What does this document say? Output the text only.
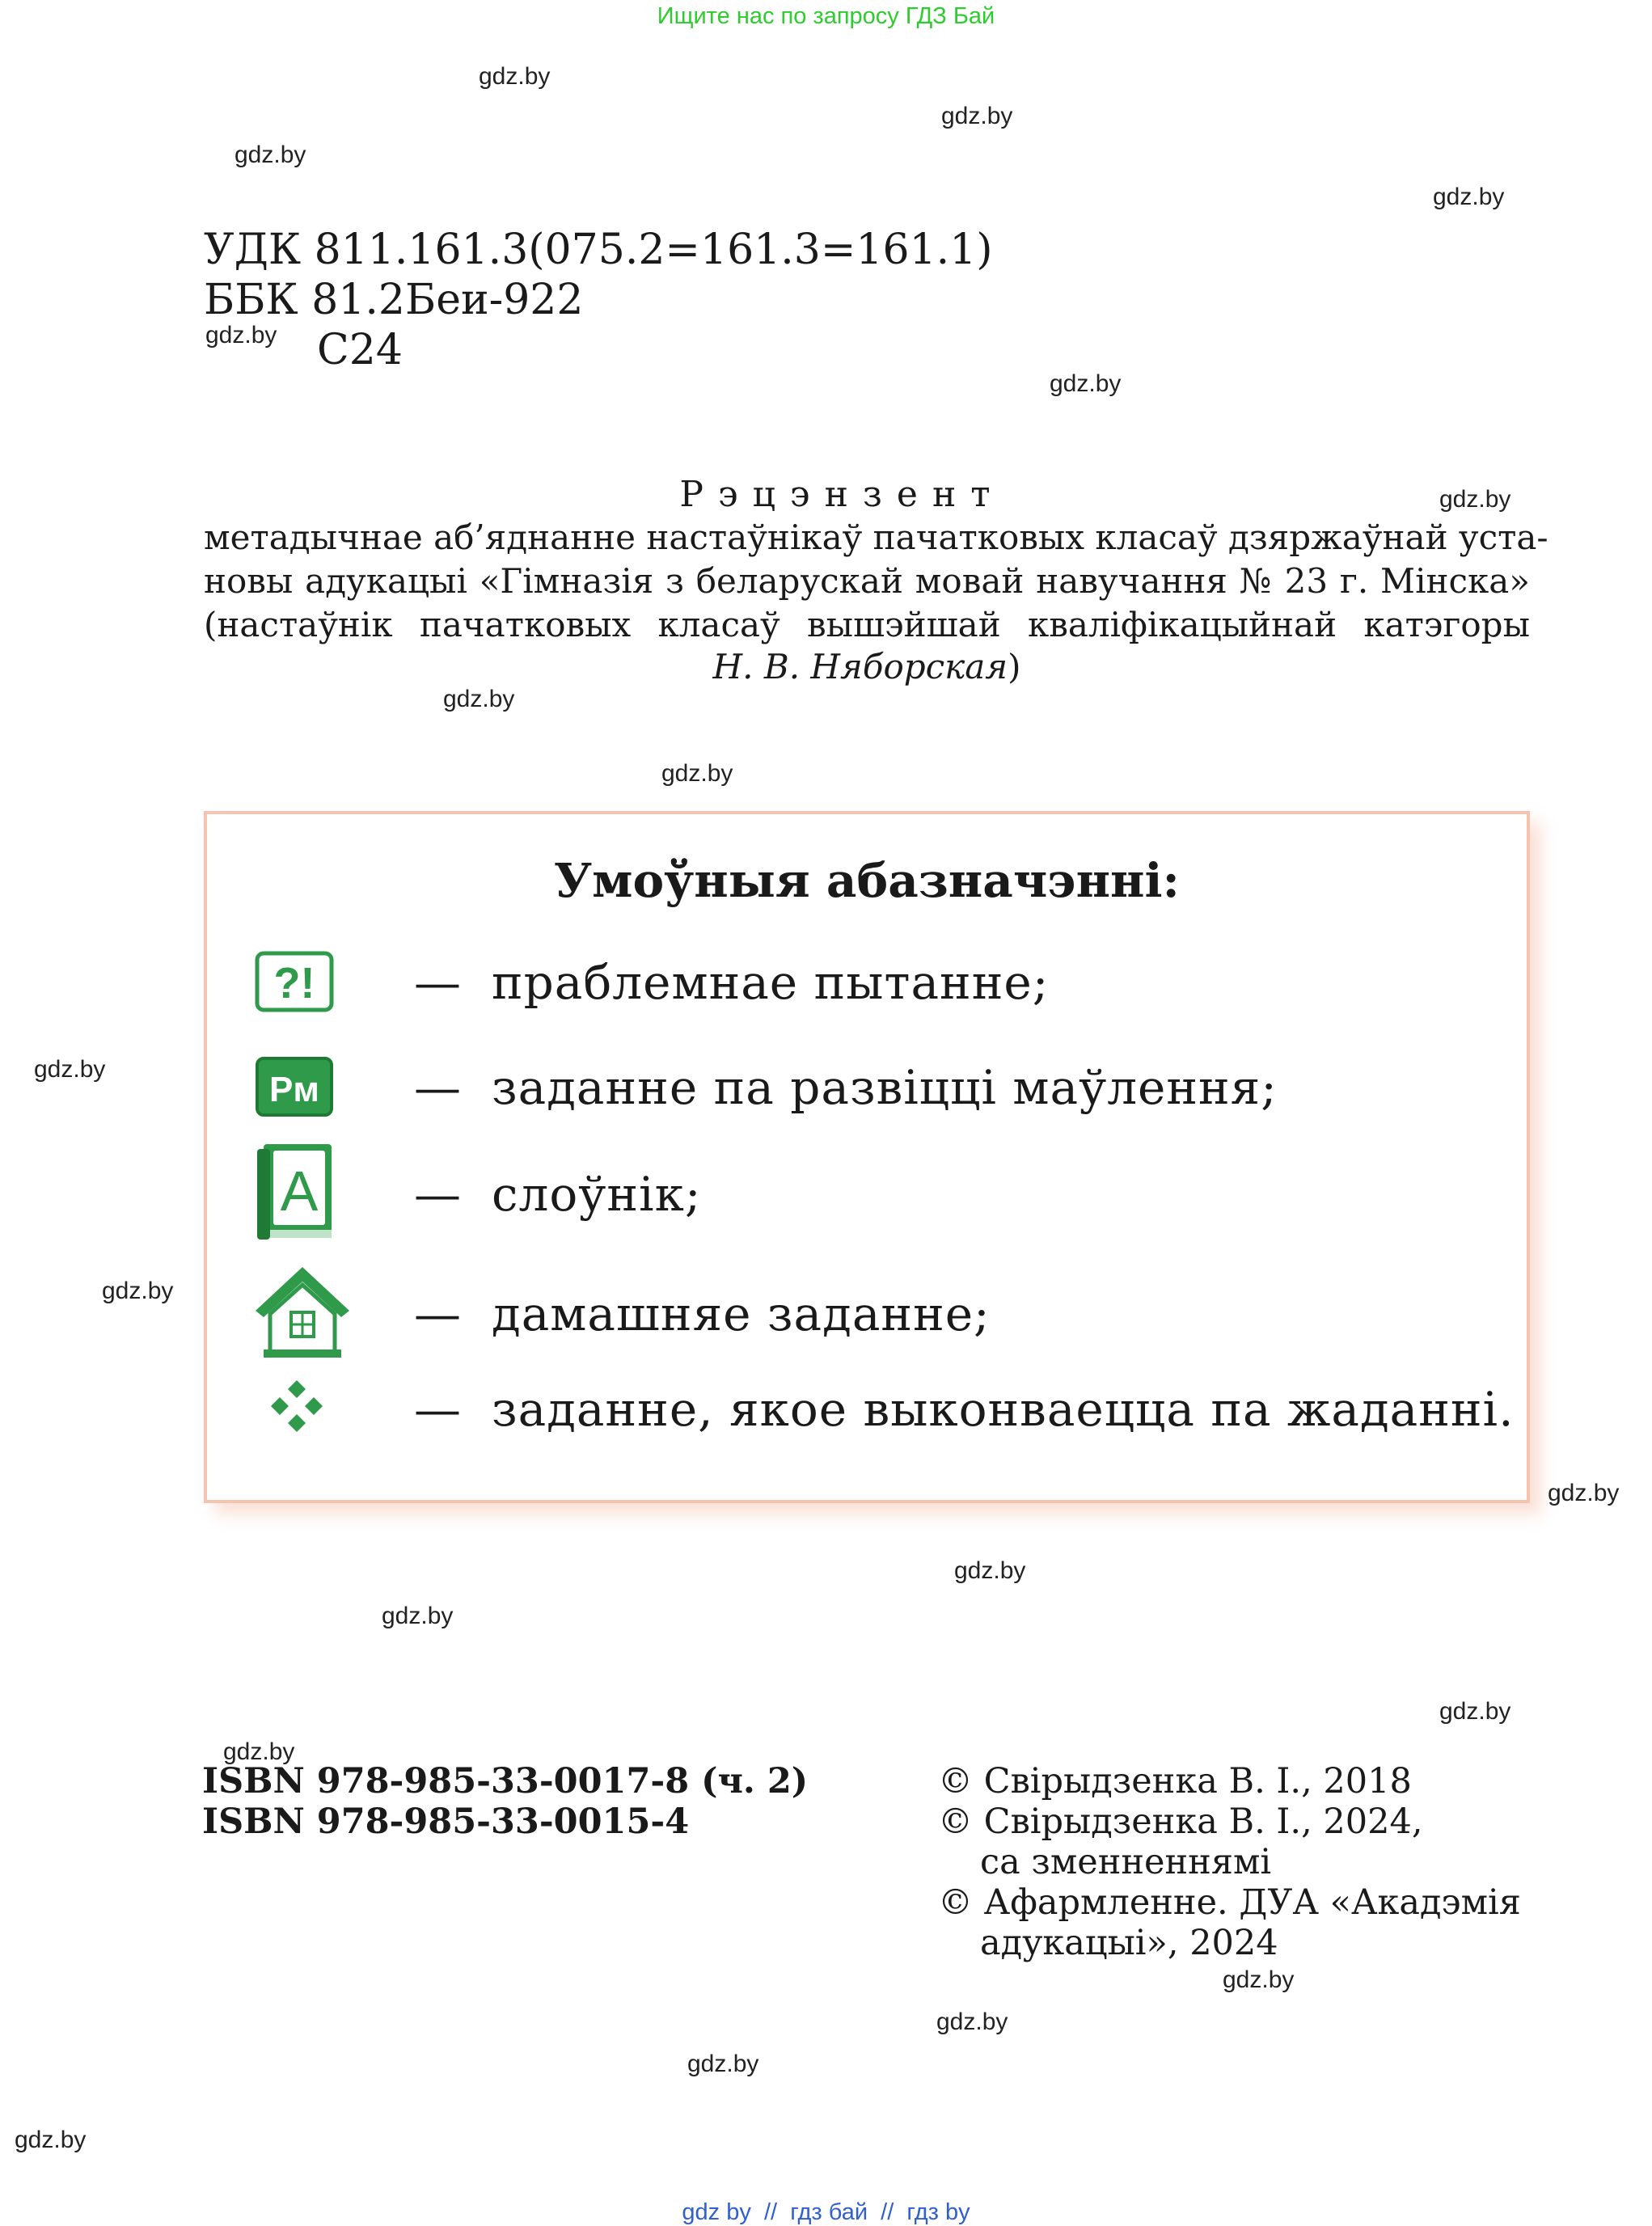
Ищите нас по запросу ГДЗ Бай
gdz.by
gdz.by
gdz.by
gdz.by
gdz.by
gdz.by
gdz.by
gdz.by
gdz.by
gdz.by
gdz.by
gdz.by
gdz.by
gdz.by
gdz.by
gdz.by
gdz.by
gdz.by
gdz.by
gdz.by
УДК 811.161.3(075.2=161.3=161.1)
ББК 81.2Беи-922
С24
Рэцэнзент
метадычнае аб’яднанне настаўнікаў пачатковых класаў дзяржаўнай уста-
новы адукацыі «Гімназія з беларускай мовай навучання № 23 г. Мінска»
(настаўнік пачатковых класаў вышэйшай кваліфікацыйнай катэгоры
Н. В. Няборская)
Умоўныя абазначэнні:
?! — праблемнае пытанне;
Рм — заданне па развіцці маўлення;
А — слоўнік;
— дамашняе заданне;
— заданне, якое выконваецца па жаданні.
ISBN 978-985-33-0017-8 (ч. 2)
ISBN 978-985-33-0015-4
© Свірыдзенка В. І., 2018
© Свірыдзенка В. І., 2024,
са зменненнямі
© Афармленне. ДУА «Акадэмія
адукацыі», 2024
gdz by // гдз бай // гдз by
